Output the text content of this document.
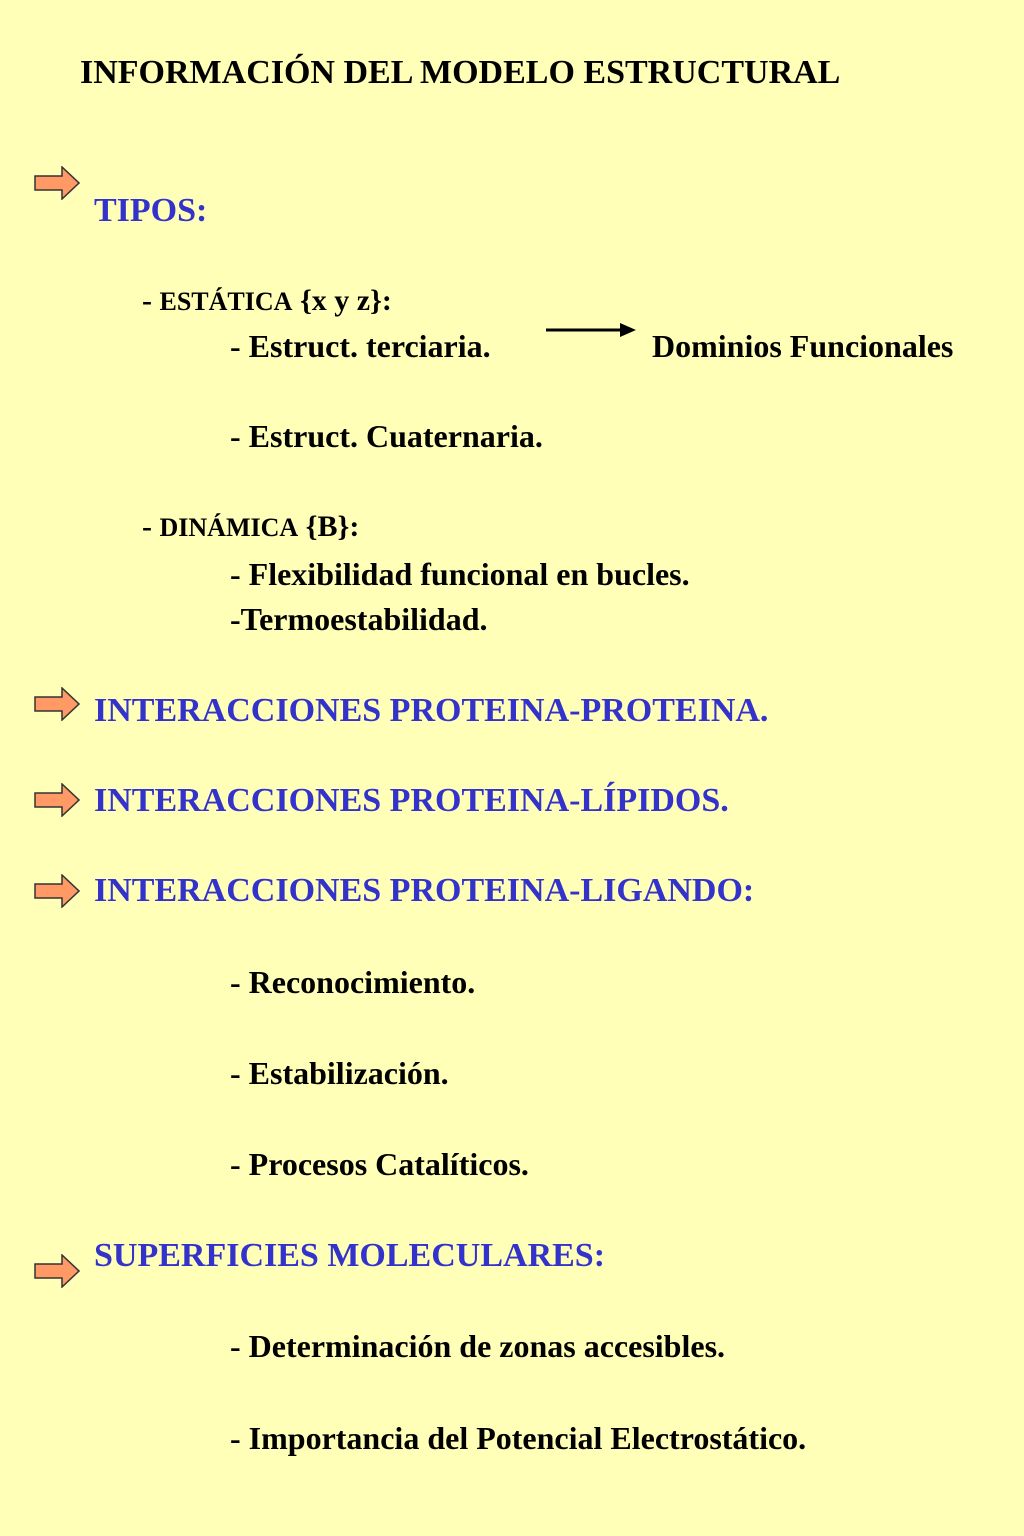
INFORMACIÓN DEL MODELO ESTRUCTURAL
TIPOS:
- ESTÁTICA {x y z}:
- Estruct. terciaria.	Dominios Funcionales
- Estruct. Cuaternaria.
- DINÁMICA {B}:
- Flexibilidad funcional en bucles.
-Termoestabilidad.
INTERACCIONES PROTEINA-PROTEINA.
INTERACCIONES PROTEINA-LÍPIDOS.
INTERACCIONES PROTEINA-LIGANDO:
- Reconocimiento.
- Estabilización.
- Procesos Catalíticos.
SUPERFICIES MOLECULARES:
- Determinación de zonas accesibles.
- Importancia del Potencial Electrostático.
